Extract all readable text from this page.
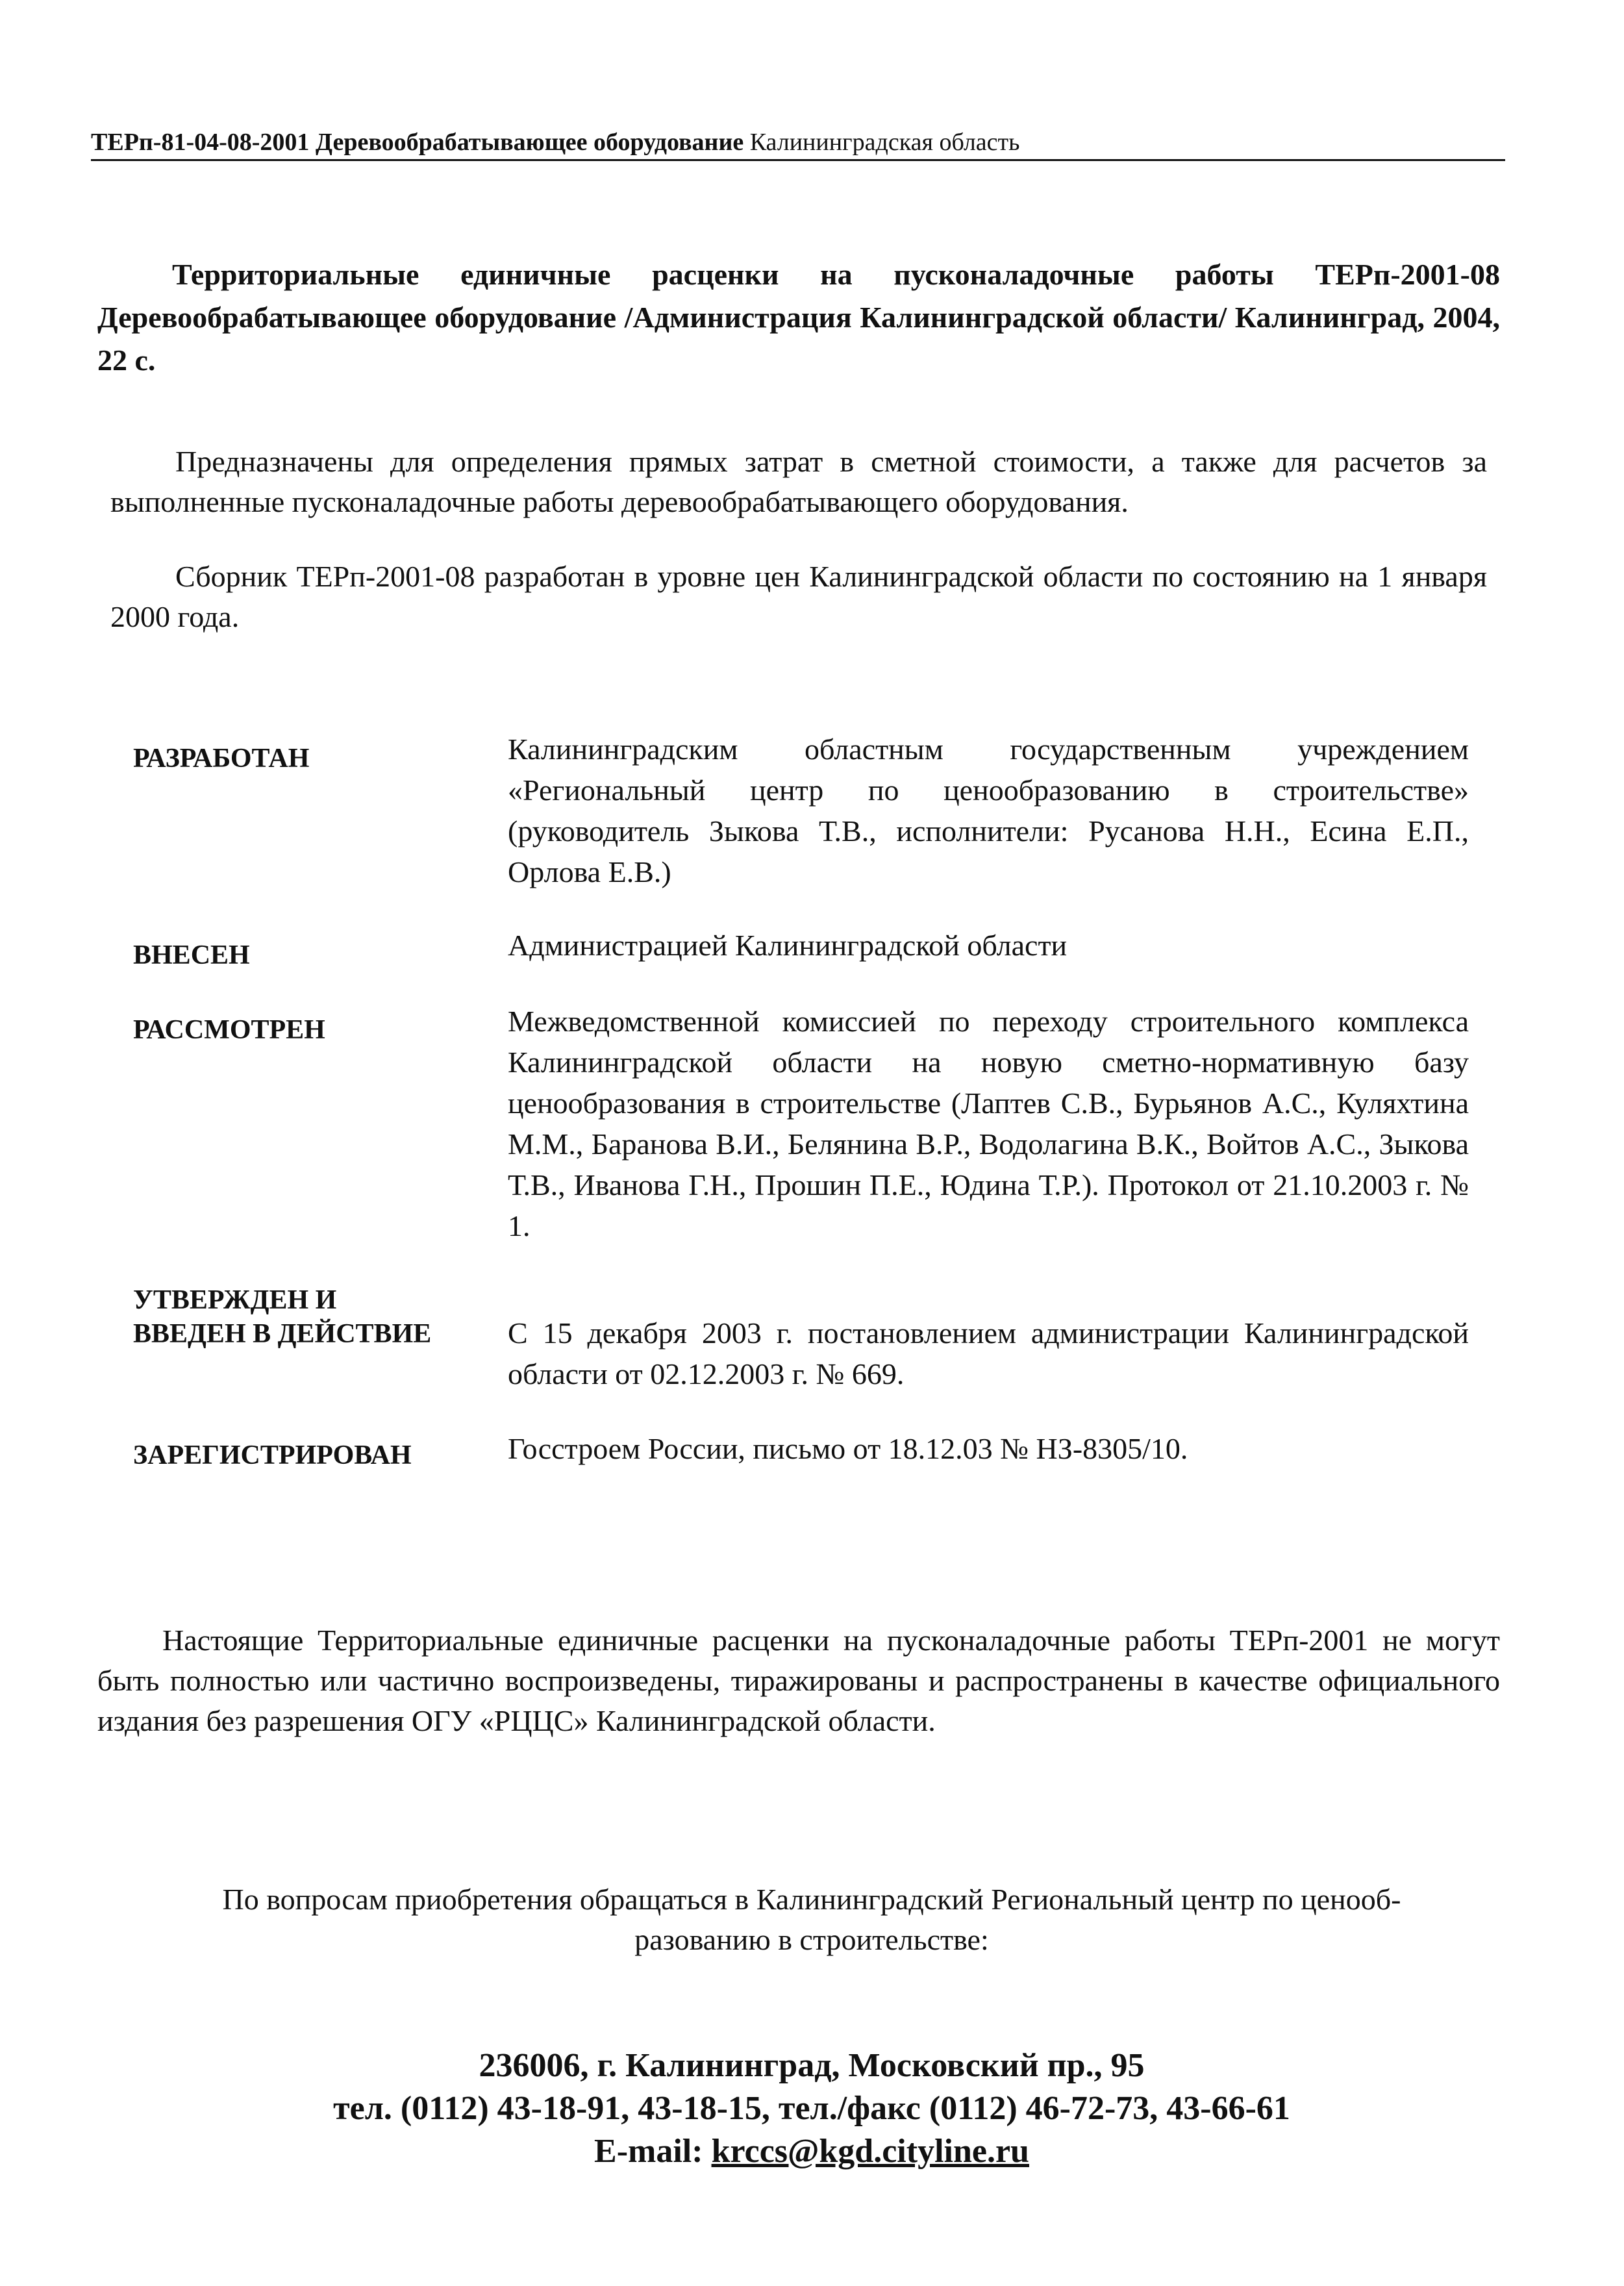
ТЕРп-81-04-08-2001 Деревообрабатывающее оборудование Калининградская область
Территориальные единичные расценки на пусконаладочные работы ТЕРп-2001-08 Деревообрабатывающее оборудование /Администрация Калининградской области/ Калининград, 2004, 22 с.
Предназначены для определения прямых затрат в сметной стоимости, а также для расчетов за выполненные пусконаладочные работы деревообрабатывающего оборудования.
Сборник ТЕРп-2001-08 разработан в уровне цен Калининградской области по состоянию на 1 января 2000 года.
РАЗРАБОТАН	Калининградским областным государственным учреждением «Региональный центр по ценообразованию в строительстве» (руководитель Зыкова Т.В., исполнители: Русанова Н.Н., Есина Е.П., Орлова Е.В.)
ВНЕСЕН	Администрацией Калининградской области
РАССМОТРЕН	Межведомственной комиссией по переходу строительного комплекса Калининградской области на новую сметно-нормативную базу ценообразования в строительстве (Лаптев С.В., Бурьянов А.С., Куляхтина М.М., Баранова В.И., Белянина В.Р., Водолагина В.К., Войтов А.С., Зыкова Т.В., Иванова Г.Н., Прошин П.Е., Юдина Т.Р.). Протокол от 21.10.2003 г. № 1.
УТВЕРЖДЕН И
ВВЕДЕН В ДЕЙСТВИЕ	С 15 декабря 2003 г. постановлением администрации Калининградской области от 02.12.2003 г. № 669.
ЗАРЕГИСТРИРОВАН	Госстроем России, письмо от 18.12.03 № НЗ-8305/10.
Настоящие Территориальные единичные расценки на пусконаладочные работы ТЕРп-2001 не могут быть полностью или частично воспроизведены, тиражированы и распространены в качестве официального издания без разрешения ОГУ «РЦЦС» Калининградской области.
По вопросам приобретения обращаться в Калининградский Региональный центр по ценооб-
разованию в строительстве:
236006, г. Калининград, Московский пр., 95
тел. (0112) 43-18-91, 43-18-15, тел./факс (0112) 46-72-73, 43-66-61
E-mail: krccs@kgd.cityline.ru
